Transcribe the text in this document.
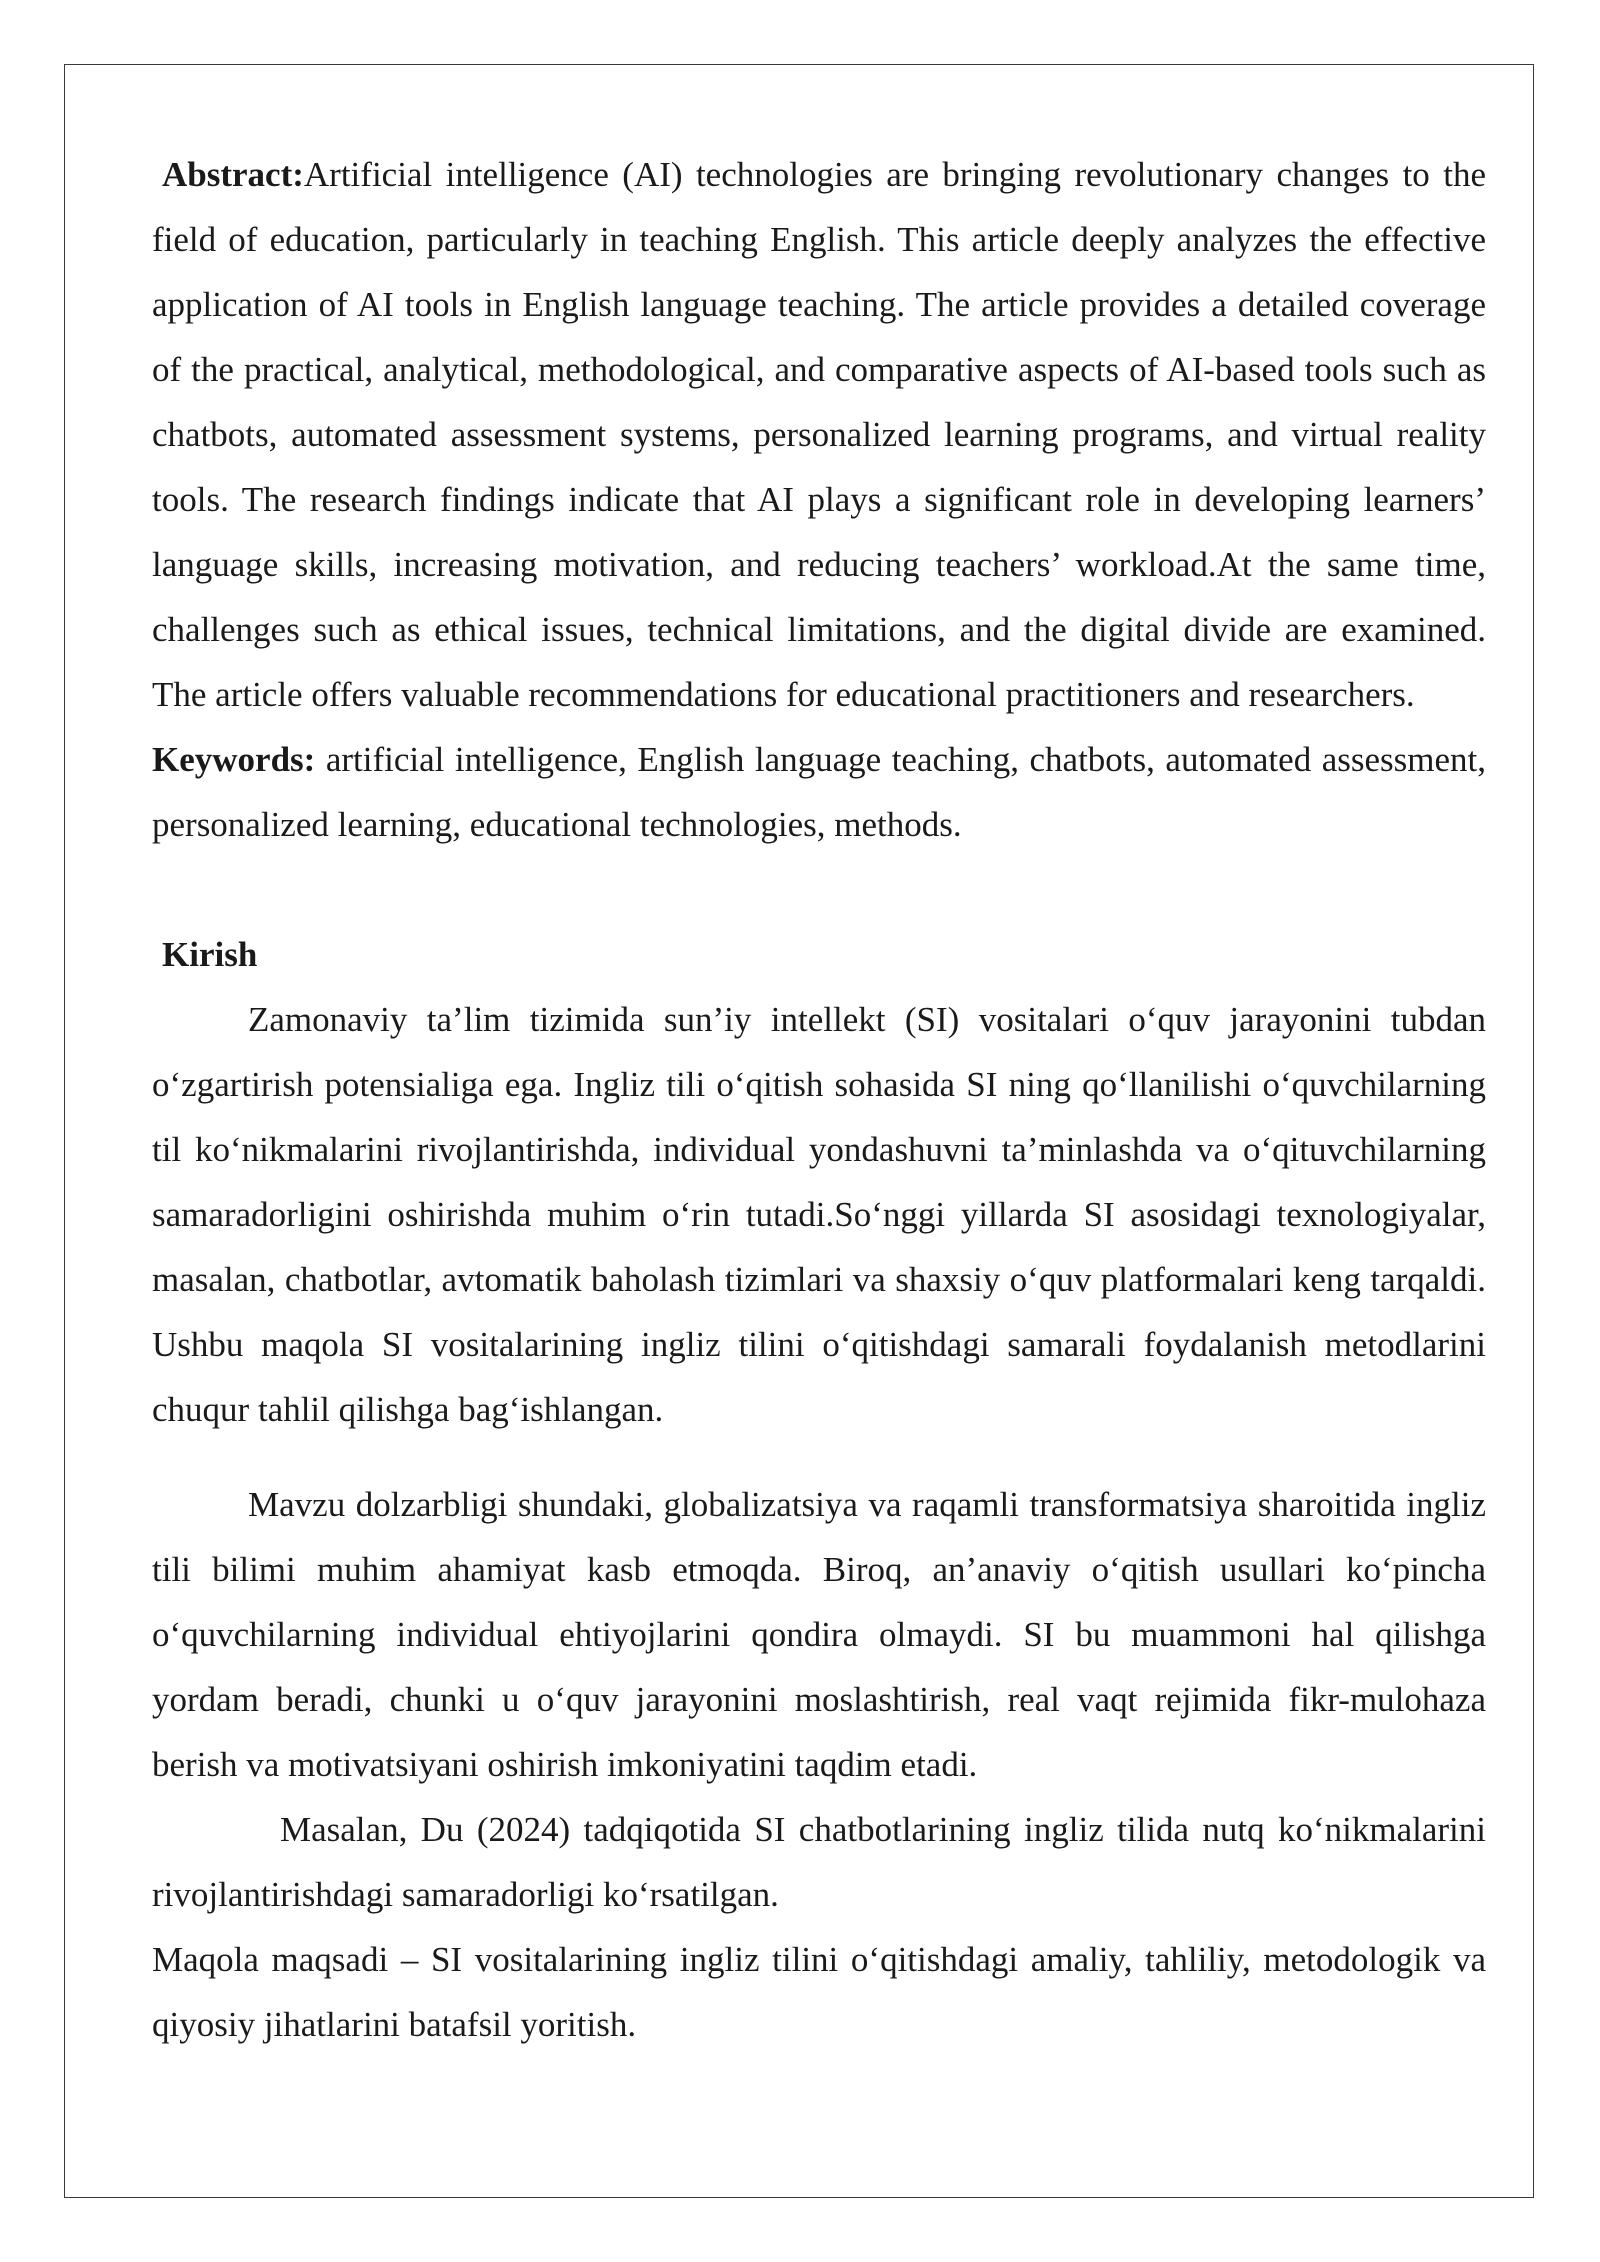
Abstract:Artificial intelligence (AI) technologies are bringing revolutionary changes to the field of education, particularly in teaching English. This article deeply analyzes the effective application of AI tools in English language teaching. The article provides a detailed coverage of the practical, analytical, methodological, and comparative aspects of AI-based tools such as chatbots, automated assessment systems, personalized learning programs, and virtual reality tools. The research findings indicate that AI plays a significant role in developing learners’ language skills, increasing motivation, and reducing teachers’ workload.At the same time, challenges such as ethical issues, technical limitations, and the digital divide are examined. The article offers valuable recommendations for educational practitioners and researchers.

Keywords: artificial intelligence, English language teaching, chatbots, automated assessment, personalized learning, educational technologies, methods.

Kirish

Zamonaviy ta’lim tizimida sun’iy intellekt (SI) vositalari o‘quv jarayonini tubdan o‘zgartirish potensialiga ega. Ingliz tili o‘qitish sohasida SI ning qo‘llanilishi o‘quvchilarning til ko‘nikmalarini rivojlantirishda, individual yondashuvni ta’minlashda va o‘qituvchilarning samaradorligini oshirishda muhim o‘rin tutadi.So‘nggi yillarda SI asosidagi texnologiyalar, masalan, chatbotlar, avtomatik baholash tizimlari va shaxsiy o‘quv platformalari keng tarqaldi. Ushbu maqola SI vositalarining ingliz tilini o‘qitishdagi samarali foydalanish metodlarini chuqur tahlil qilishga bag‘ishlangan.

Mavzu dolzarbligi shundaki, globalizatsiya va raqamli transformatsiya sharoitida ingliz tili bilimi muhim ahamiyat kasb etmoqda. Biroq, an’anaviy o‘qitish usullari ko‘pincha o‘quvchilarning individual ehtiyojlarini qondira olmaydi. SI bu muammoni hal qilishga yordam beradi, chunki u o‘quv jarayonini moslashtirish, real vaqt rejimida fikr-mulohaza berish va motivatsiyani oshirish imkoniyatini taqdim etadi.

Masalan, Du (2024) tadqiqotida SI chatbotlarining ingliz tilida nutq ko‘nikmalarini rivojlantirishdagi samaradorligi ko‘rsatilgan.

Maqola maqsadi – SI vositalarining ingliz tilini o‘qitishdagi amaliy, tahliliy, metodologik va qiyosiy jihatlarini batafsil yoritish.
